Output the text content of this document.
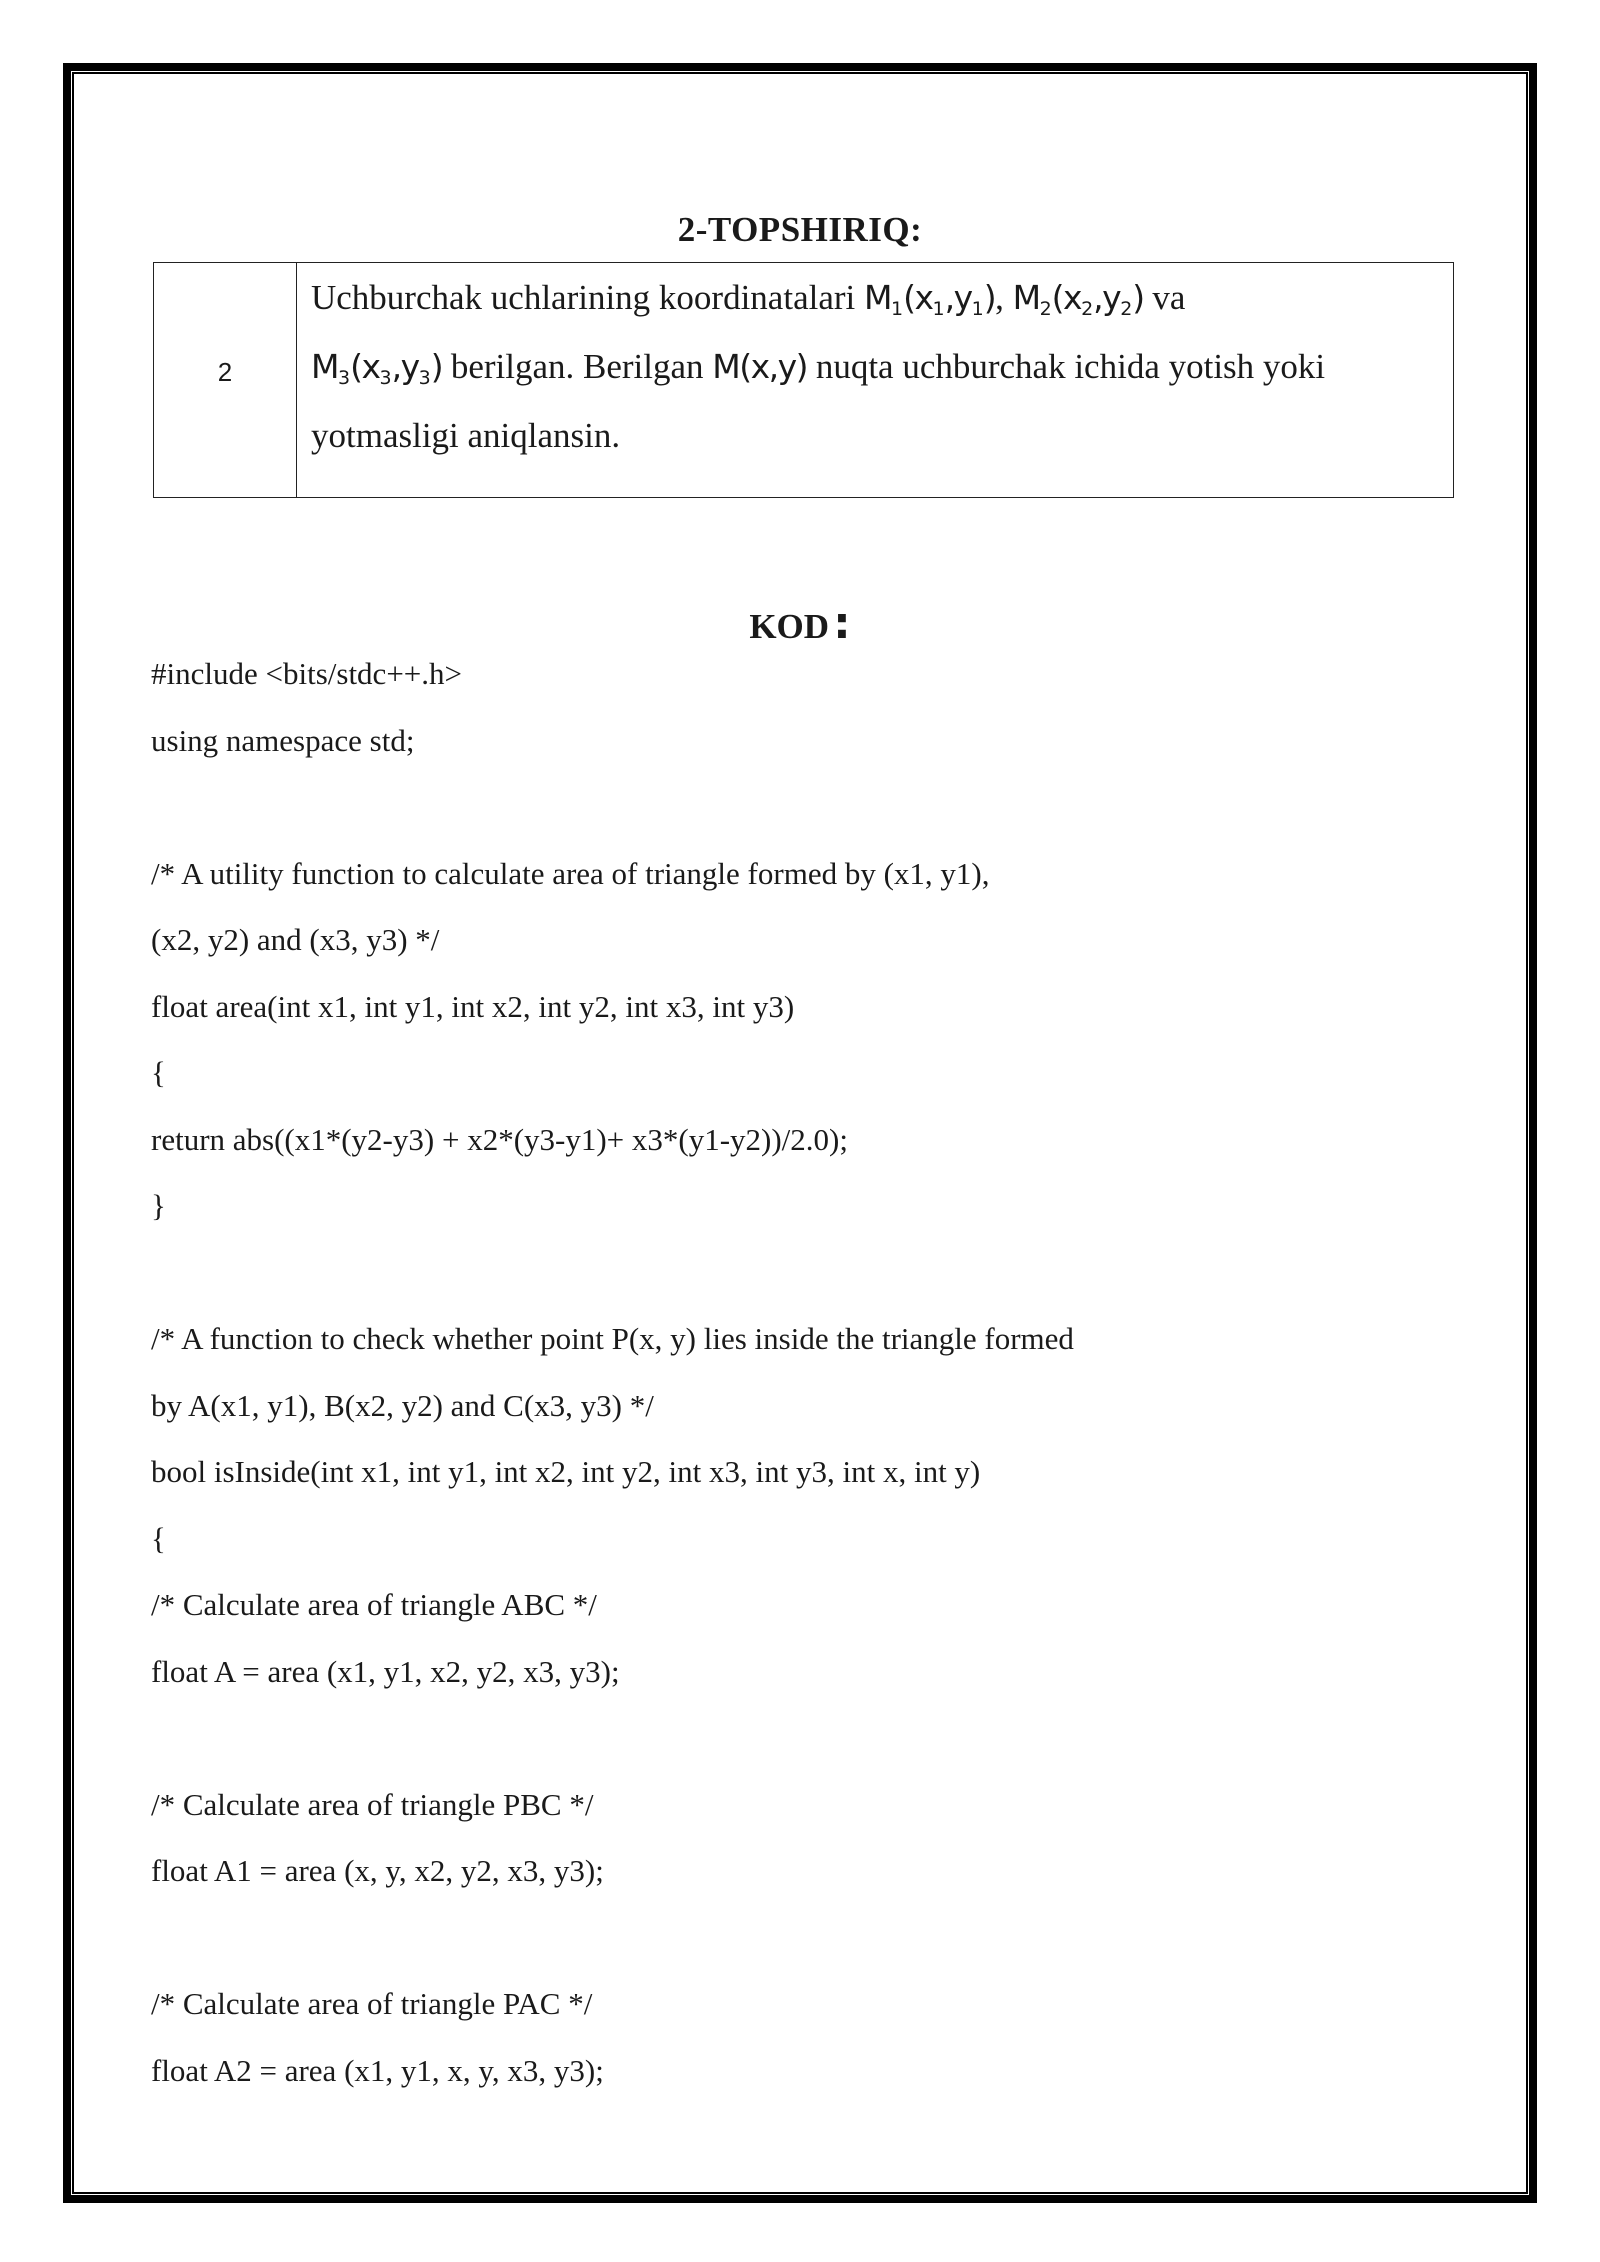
2-TOPSHIRIQ:
2
Uchburchak uchlarining koordinatalari $M_1(x_1,y_1)$, $M_2(x_2,y_2)$ va
$M_3(x_3,y_3)$ berilgan. Berilgan M(x,y) nuqta uchburchak ichida yotish yoki yotmasligi aniqlansin.
KOD:
#include <bits/stdc++.h>
using namespace std;
/* A utility function to calculate area of triangle formed by (x1, y1),
(x2, y2) and (x3, y3) */
float area(int x1, int y1, int x2, int y2, int x3, int y3)
{
return abs((x1*(y2-y3) + x2*(y3-y1)+ x3*(y1-y2))/2.0);
}
/* A function to check whether point P(x, y) lies inside the triangle formed
by A(x1, y1), B(x2, y2) and C(x3, y3) */
bool isInside(int x1, int y1, int x2, int y2, int x3, int y3, int x, int y)
{
/* Calculate area of triangle ABC */
float A = area (x1, y1, x2, y2, x3, y3);
/* Calculate area of triangle PBC */
float A1 = area (x, y, x2, y2, x3, y3);
/* Calculate area of triangle PAC */
float A2 = area (x1, y1, x, y, x3, y3);
